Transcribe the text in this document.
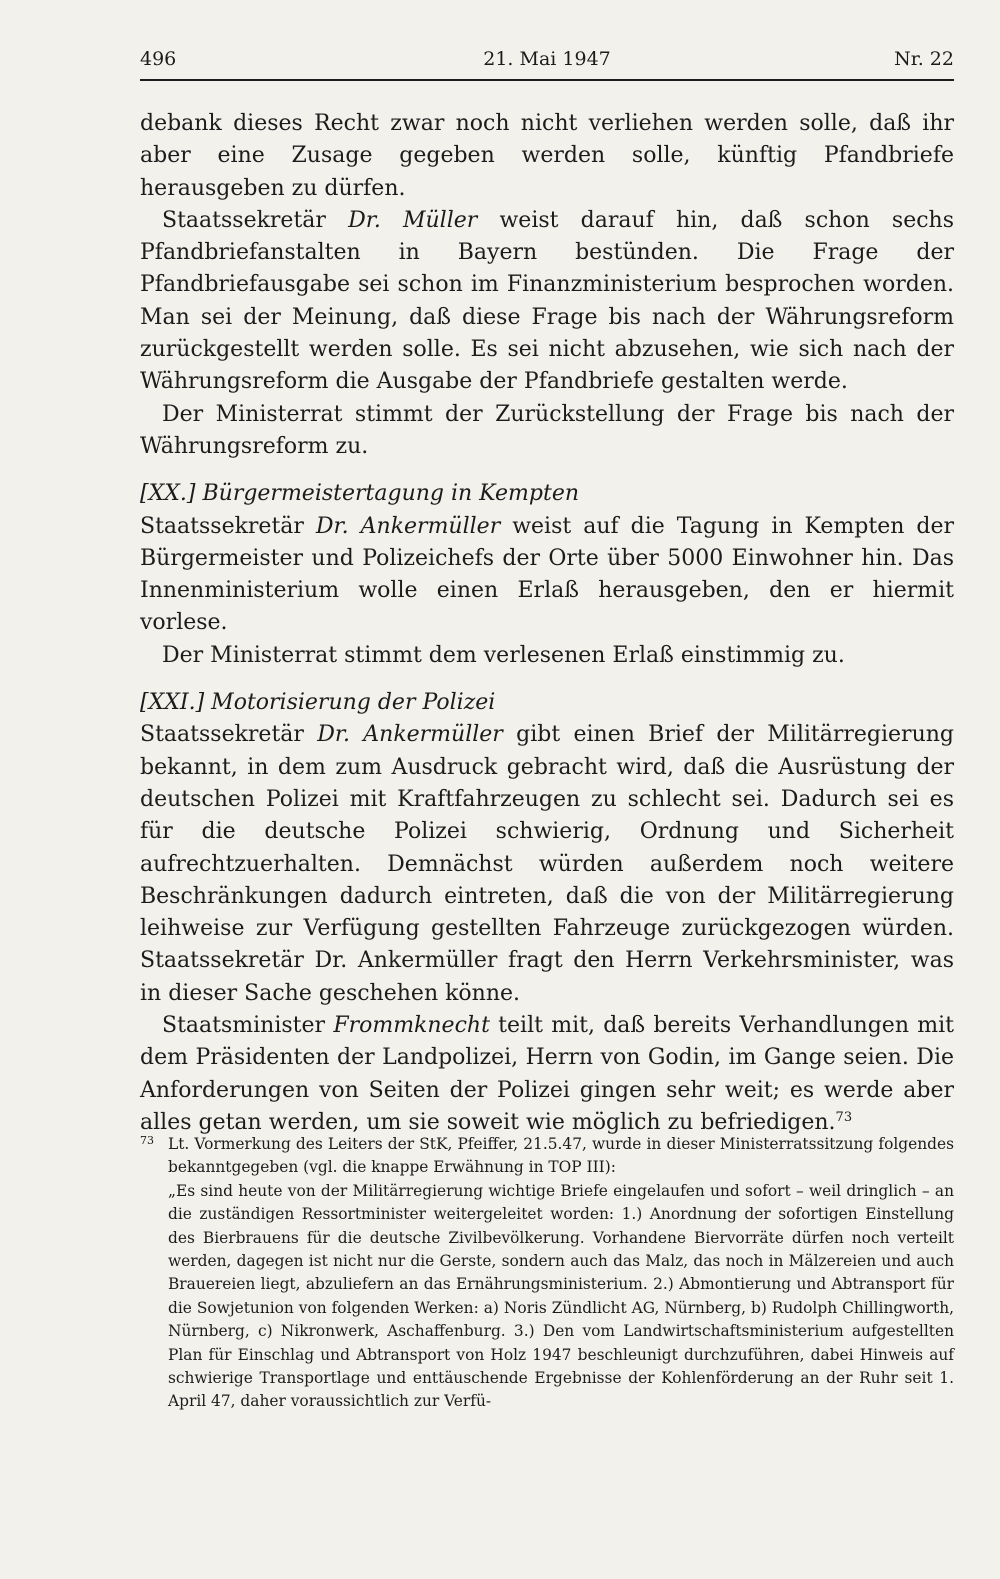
496	21. Mai 1947	Nr. 22

debank dieses Recht zwar noch nicht verliehen werden solle, daß ihr aber eine Zusage gegeben werden solle, künftig Pfandbriefe herausgeben zu dürfen.

Staatssekretär Dr. Müller weist darauf hin, daß schon sechs Pfandbriefanstalten in Bayern bestünden. Die Frage der Pfandbriefausgabe sei schon im Finanzministerium besprochen worden. Man sei der Meinung, daß diese Frage bis nach der Währungsreform zurückgestellt werden solle. Es sei nicht abzusehen, wie sich nach der Währungsreform die Ausgabe der Pfandbriefe gestalten werde.

Der Ministerrat stimmt der Zurückstellung der Frage bis nach der Währungsreform zu.

[XX.] Bürgermeistertagung in Kempten

Staatssekretär Dr. Ankermüller weist auf die Tagung in Kempten der Bürgermeister und Polizeichefs der Orte über 5000 Einwohner hin. Das Innenministerium wolle einen Erlaß herausgeben, den er hiermit vorlese.

Der Ministerrat stimmt dem verlesenen Erlaß einstimmig zu.

[XXI.] Motorisierung der Polizei

Staatssekretär Dr. Ankermüller gibt einen Brief der Militärregierung bekannt, in dem zum Ausdruck gebracht wird, daß die Ausrüstung der deutschen Polizei mit Kraftfahrzeugen zu schlecht sei. Dadurch sei es für die deutsche Polizei schwierig, Ordnung und Sicherheit aufrechtzuerhalten. Demnächst würden außerdem noch weitere Beschränkungen dadurch eintreten, daß die von der Militärregierung leihweise zur Verfügung gestellten Fahrzeuge zurückgezogen würden. Staatssekretär Dr. Ankermüller fragt den Herrn Verkehrsminister, was in dieser Sache geschehen könne.

Staatsminister Frommknecht teilt mit, daß bereits Verhandlungen mit dem Präsidenten der Landpolizei, Herrn von Godin, im Gange seien. Die Anforderungen von Seiten der Polizei gingen sehr weit; es werde aber alles getan werden, um sie soweit wie möglich zu befriedigen.$^{73}$

73 Lt. Vormerkung des Leiters der StK, Pfeiffer, 21.5.47, wurde in dieser Ministerratssitzung folgendes bekanntgegeben (vgl. die knappe Erwähnung in TOP III):

„Es sind heute von der Militärregierung wichtige Briefe eingelaufen und sofort – weil dringlich – an die zuständigen Ressortminister weitergeleitet worden: 1.) Anordnung der sofortigen Einstellung des Bierbrauens für die deutsche Zivilbevölkerung. Vorhandene Biervorräte dürfen noch verteilt werden, dagegen ist nicht nur die Gerste, sondern auch das Malz, das noch in Mälzereien und auch Brauereien liegt, abzuliefern an das Ernährungsministerium. 2.) Abmontierung und Abtransport für die Sowjetunion von folgenden Werken: a) Noris Zündlicht AG, Nürnberg, b) Rudolph Chillingworth, Nürnberg, c) Nikronwerk, Aschaffenburg. 3.) Den vom Landwirtschaftsministerium aufgestellten Plan für Einschlag und Abtransport von Holz 1947 beschleunigt durchzuführen, dabei Hinweis auf schwierige Transportlage und enttäuschende Ergebnisse der Kohlenförderung an der Ruhr seit 1. April 47, daher voraussichtlich zur Verfü-
